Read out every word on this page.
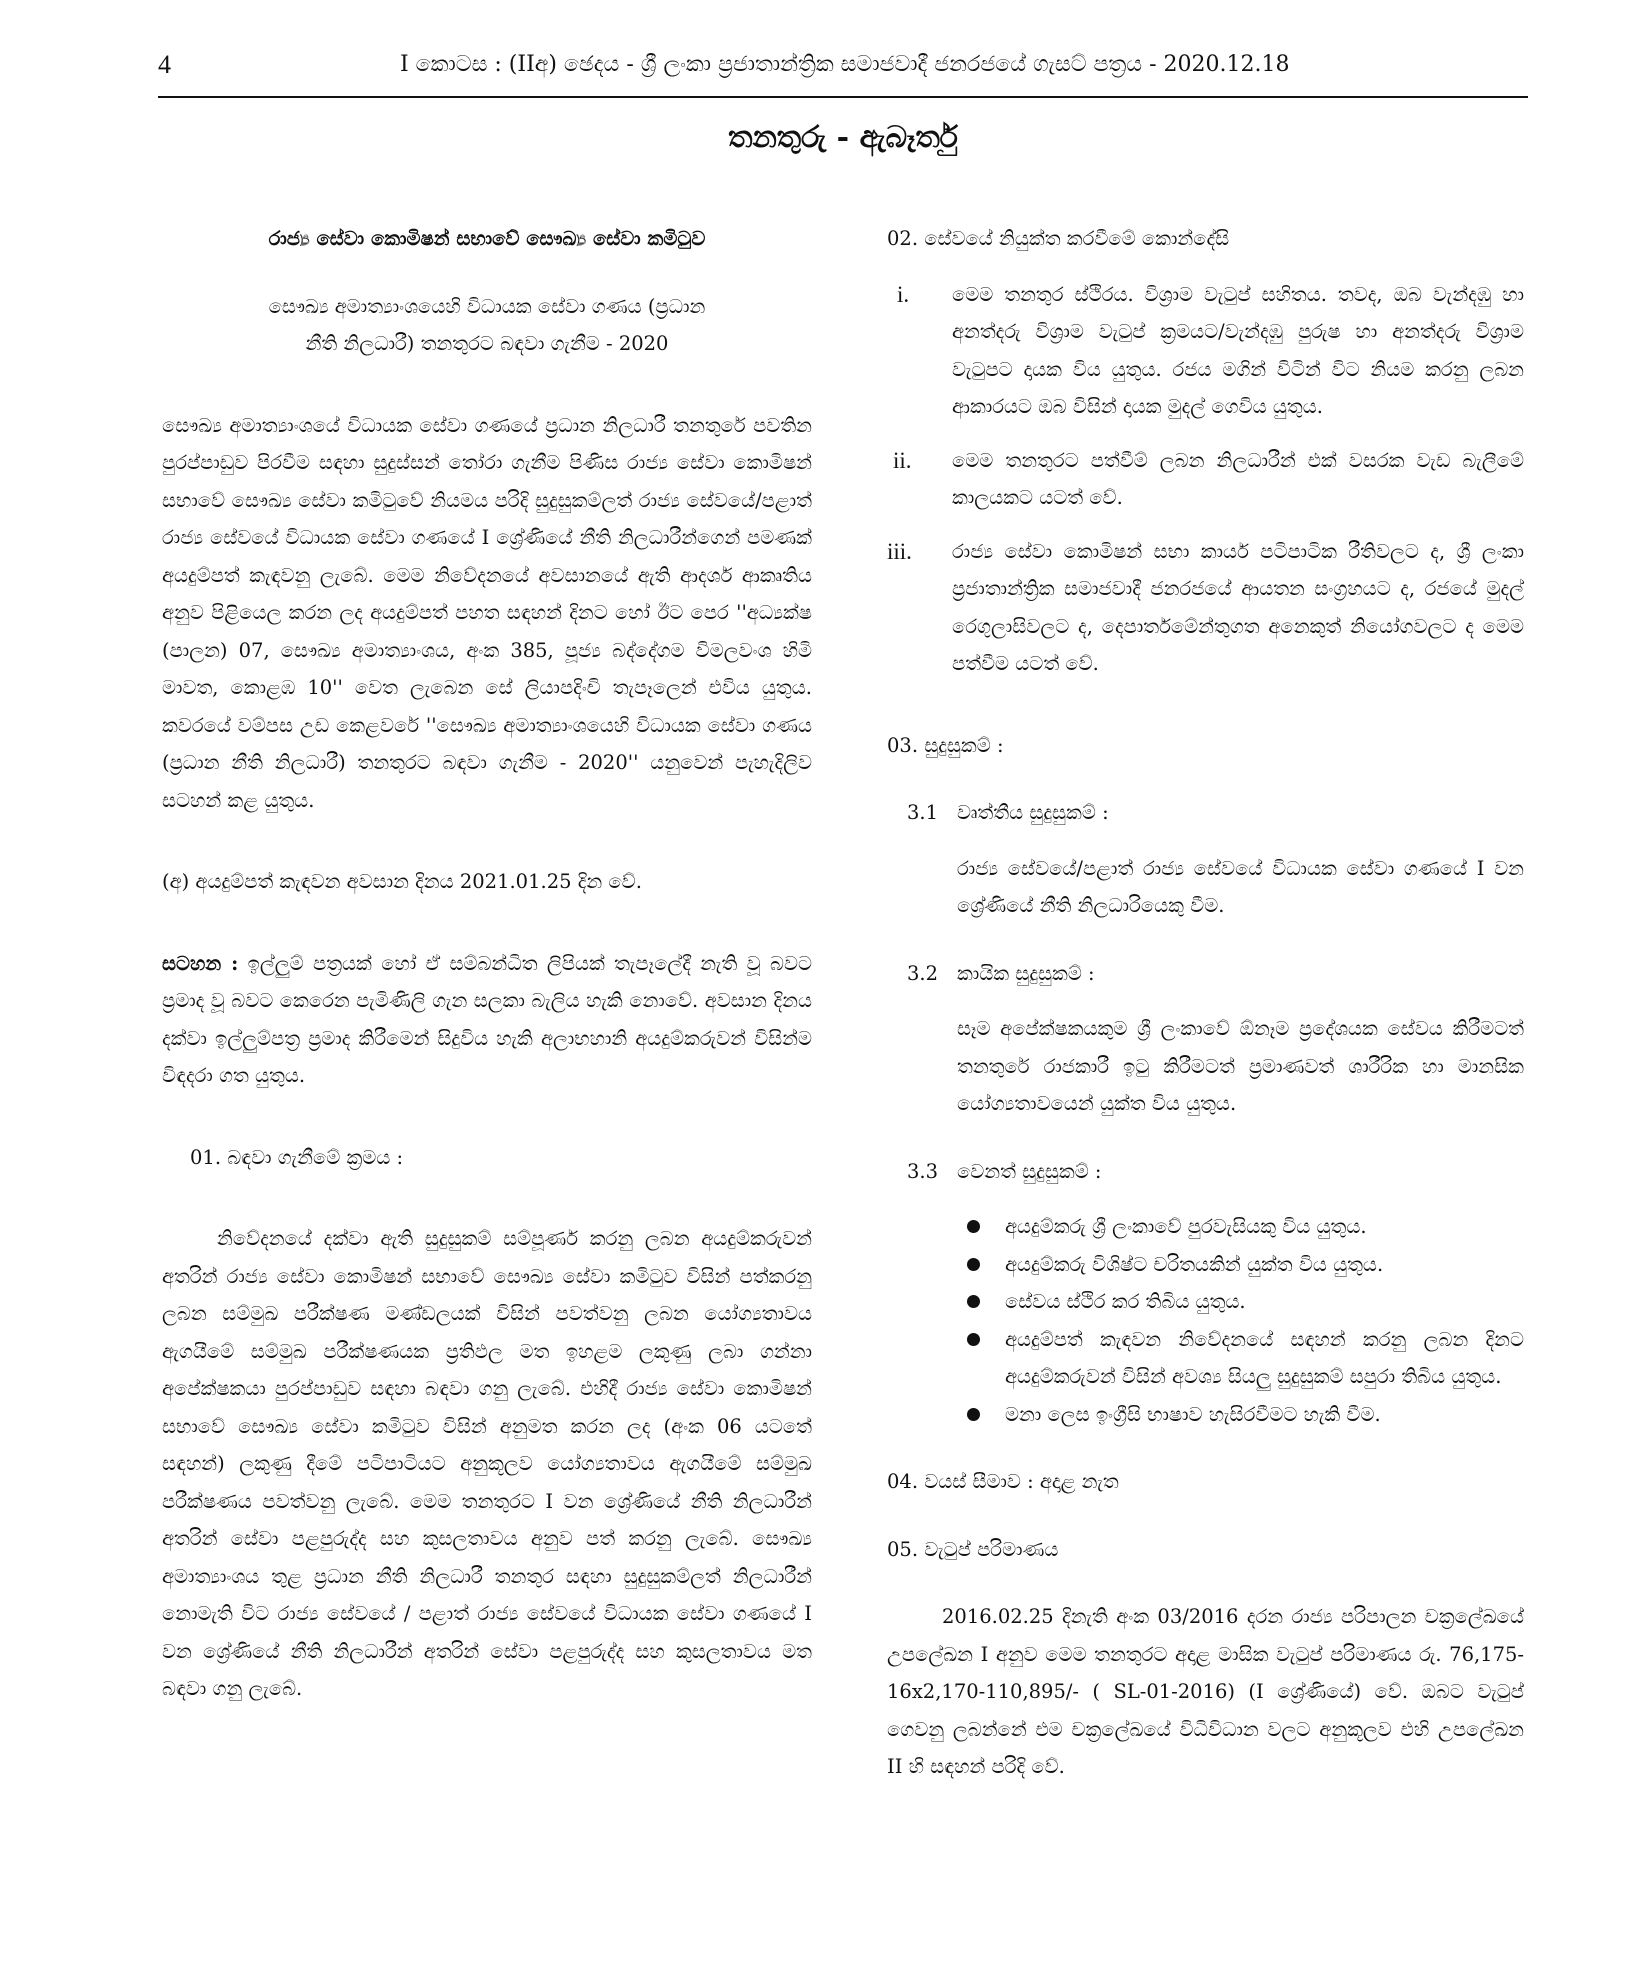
4	I කොටස : (IIඅ) ඡෙදය - ශ්‍රී ලංකා ප්‍රජාතාන්ත්‍රික සමාජවාදී ජනරජයේ ගැසට් පත්‍රය - 2020.12.18
තනතුරු - ඇබෑර්තු

රාජ්‍ය සේවා කොමිෂන් සභාවේ සෞඛ්‍ය සේවා කමිටුව

සෞඛ්‍ය අමාත්‍යාංශයෙහි විධායක සේවා ගණය (ප්‍රධාන

නීති නිලධාරී) තනතුරට බඳවා ගැනීම - 2020

සෞඛ්‍ය අමාත්‍යාංශයේ විධායක සේවා ගණයේ ප්‍රධාන නිලධාරී තනතුරේ පවතින පුරප්පාඩුව පිරවීම සඳහා සුදුස්සන් තෝරා ගැනීම පිණිස රාජ්‍ය සේවා කොමිෂන් සභාවේ සෞඛ්‍ය සේවා කමිටුවේ නියමය පරිදි සුදුසුකම්ලත් රාජ්‍ය සේවයේ/පළාත් රාජ්‍ය සේවයේ විධායක සේවා ගණයේ I ශ්‍රේණියේ නීති නිලධාරීන්ගෙන් පමණක් අයදුම්පත් කැඳවනු ලැබේ. මෙම නිවේදනයේ අවසානයේ ඇති ආදර්ශ ආකෘතිය අනුව පිළියෙල කරන ලද අයදුම්පත් පහත සඳහන් දිනට හෝ ඊට පෙර ''අධ්‍යක්ෂ (පාලන) 07, සෞඛ්‍ය අමාත්‍යාංශය, අංක 385, පූජ්‍ය බද්දේගම විමලවංශ හිමි මාවත, කොළඹ 10'' වෙත ලැබෙන සේ ලියාපදිංචි තැපෑලෙන් එවිය යුතුය. කවරයේ වම්පස උඩ කෙළවරේ ''සෞඛ්‍ය අමාත්‍යාංශයෙහි විධායක සේවා ගණය (ප්‍රධාන නීති නිලධාරී) තනතුරට බඳවා ගැනීම - 2020'' යනුවෙන් පැහැදිලිව සටහන් කළ යුතුය.

(අ) අයදුම්පත් කැඳවන අවසාන දිනය 2021.01.25 දින වේ.

සටහන : ඉල්ලුම් පත්‍රයක් හෝ ඒ සම්බන්ධිත ලිපියක් තැපෑලේදී නැති වූ බවට ප්‍රමාද වූ බවට කෙරෙන පැමිණිලි ගැන සලකා බැලිය හැකි නොවේ. අවසාන දිනය දක්වා ඉල්ලුම්පත්‍ර ප්‍රමාද කිරීමෙන් සිදුවිය හැකි අලාභහානි අයදුම්කරුවන් විසින්ම විඳදරා ගත යුතුය.

01. බඳවා ගැනීමේ ක්‍රමය :

නිවේදනයේ දක්වා ඇති සුදුසුකම් සම්පූර්ණ කරනු ලබන අයදුම්කරුවන් අතරින් රාජ්‍ය සේවා කොමිෂන් සභාවේ සෞඛ්‍ය සේවා කමිටුව විසින් පත්කරනු ලබන සම්මුඛ පරීක්ෂණ මණ්ඩලයක් විසින් පවත්වනු ලබන යෝග්‍යතාවය ඇගයීමේ සම්මුඛ පරීක්ෂණයක ප්‍රතිඵල මත ඉහළම ලකුණු ලබා ගන්නා අපේක්ෂකයා පුරප්පාඩුව සඳහා බඳවා ගනු ලැබේ. එහිදී රාජ්‍ය සේවා කොමිෂන් සභාවේ සෞඛ්‍ය සේවා කමිටුව විසින් අනුමත කරන ලද (අංක 06 යටතේ සඳහන්) ලකුණු දීමේ පටිපාටියට අනුකූලව යෝග්‍යතාවය ඇගයීමේ සම්මුඛ පරීක්ෂණය පවත්වනු ලැබේ. මෙම තනතුරට I වන ශ්‍රේණියේ නීති නිලධාරීන් අතරින් සේවා පළපුරුද්ද සහ කුසලතාවය අනුව පත් කරනු ලැබේ. සෞඛ්‍ය අමාත්‍යාංශය තුළ ප්‍රධාන නීති නිලධාරී තනතුර සඳහා සුදුසුකම්ලත් නිලධාරීන් නොමැති විට රාජ්‍ය සේවයේ / පළාත් රාජ්‍ය සේවයේ විධායක සේවා ගණයේ I වන ශ්‍රේණියේ නීති නිලධාරීන් අතරින් සේවා පළපුරුද්ද සහ කුසලතාවය මත බඳවා ගනු ලැබේ.

02. සේවයේ නියුක්ත කරවීමේ කොන්දේසි

i.	මෙම තනතුර ස්ථිරය. විශ්‍රාම වැටුප් සහිතය. තවද, ඔබ වැන්දඹු හා අනත්දරු විශ්‍රාම වැටුප් ක්‍රමයට/වැන්දඹු පුරුෂ හා අනත්දරු විශ්‍රාම වැටුපට දායක විය යුතුය. රජය මගින් විටින් විට නියම කරනු ලබන ආකාරයට ඔබ විසින් දායක මුදල් ගෙවිය යුතුය.
ii.	මෙම තනතුරට පත්වීම් ලබන නිලධාරීන් එක් වසරක වැඩ බැලීමේ කාලයකට යටත් වේ.
iii.	රාජ්‍ය සේවා කොමිෂන් සභා කාර්ය පටිපාටික රීතිවලට ද, ශ්‍රී ලංකා ප්‍රජාතාන්ත්‍රික සමාජවාදී ජනරජයේ ආයතන සංග්‍රහයට ද, රජයේ මුදල් රෙගුලාසිවලට ද, දෙපාර්තමේන්තුගත අනෙකුත් නියෝගවලට ද මෙම පත්වීම යටත් වේ.

03. සුදුසුකම් :

3.1 වෘත්තීය සුදුසුකම් :

රාජ්‍ය සේවයේ/පළාත් රාජ්‍ය සේවයේ විධායක සේවා ගණයේ I වන ශ්‍රේණියේ නීති නිලධාරියෙකු වීම.

3.2 කායික සුදුසුකම් :

සෑම අපේක්ෂකයකුම ශ්‍රී ලංකාවේ ඕනෑම ප්‍රදේශයක සේවය කිරීමටත් තනතුරේ රාජකාරී ඉටු කිරීමටත් ප්‍රමාණවත් ශාරීරික හා මානසික යෝග්‍යතාවයෙන් යුක්ත විය යුතුය.

3.3 වෙනත් සුදුසුකම් :

අයදුම්කරු ශ්‍රී ලංකාවේ පුරවැසියකු විය යුතුය.
අයදුම්කරු විශිෂ්ට චරිතයකින් යුක්ත විය යුතුය.
සේවය ස්ථිර කර තිබිය යුතුය.
අයදුම්පත් කැඳවන නිවේදනයේ සඳහන් කරනු ලබන දිනට අයදුම්කරුවන් විසින් අවශ්‍ය සියලු සුදුසුකම් සපුරා තිබිය යුතුය.
මනා ලෙස ඉංග්‍රීසි භාෂාව හැසිරවීමට හැකි වීම.

04. වයස් සීමාව : අදාළ නැත

05. වැටුප් පරිමාණය

2016.02.25 දිනැති අංක 03/2016 දරන රාජ්‍ය පරිපාලන චක්‍රලේඛයේ උපලේඛන I අනුව මෙම තනතුරට අදාළ මාසික වැටුප් පරිමාණය රු. 76,175-16x2,170-110,895/- ( SL-01-2016) (I ශ්‍රේණියේ) වේ. ඔබට වැටුප් ගෙවනු ලබන්නේ එම චක්‍රලේඛයේ විධිවිධාන වලට අනුකූලව එහි උපලේඛන II හි සඳහන් පරිදි වේ.
